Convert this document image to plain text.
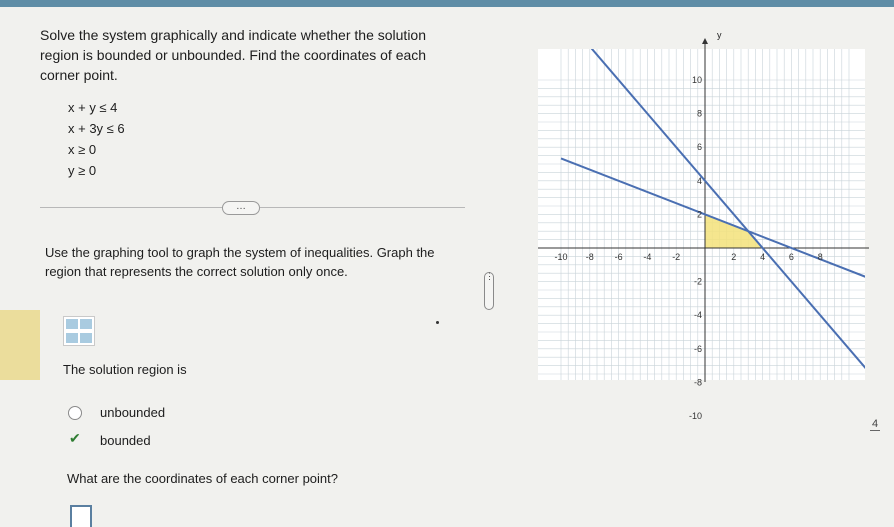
Solve the system graphically and indicate whether the solution region is bounded or unbounded. Find the coordinates of each corner point.

x + y ≤ 4
x + 3y ≤ 6
x ≥ 0
y ≥ 0
…

Use the graphing tool to graph the system of inequalities. Graph the region that represents the correct solution only once.

The solution region is
unbounded
✔ bounded
What are the coordinates of each corner point?
⋮
-10 -8 -6 -4 -2	2	4	6	8
10
8
6
4
2
-2
-4
-6
-8
-10
y
4
